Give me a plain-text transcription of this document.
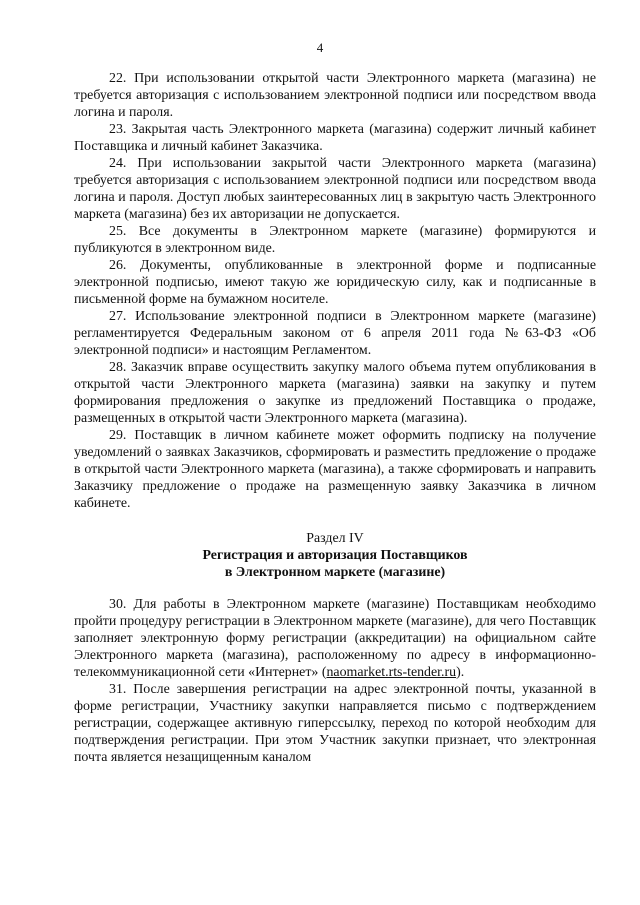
4

22. При использовании открытой части Электронного маркета (магазина) не требуется авторизация с использованием электронной подписи или посредством ввода логина и пароля.

23. Закрытая часть Электронного маркета (магазина) содержит личный кабинет Поставщика и личный кабинет Заказчика.

24. При использовании закрытой части Электронного маркета (магазина) требуется авторизация с использованием электронной подписи или посредством ввода логина и пароля. Доступ любых заинтересованных лиц в закрытую часть Электронного маркета (магазина) без их авторизации не допускается.

25. Все документы в Электронном маркете (магазине) формируются и публикуются в электронном виде.

26. Документы, опубликованные в электронной форме и подписанные электронной подписью, имеют такую же юридическую силу, как и подписанные в письменной форме на бумажном носителе.

27. Использование электронной подписи в Электронном маркете (магазине) регламентируется Федеральным законом от 6 апреля 2011 года №63-ФЗ «Об электронной подписи» и настоящим Регламентом.

28. Заказчик вправе осуществить закупку малого объема путем опубликования в открытой части Электронного маркета (магазина) заявки на закупку и путем формирования предложения о закупке из предложений Поставщика о продаже, размещенных в открытой части Электронного маркета (магазина).

29. Поставщик в личном кабинете может оформить подписку на получение уведомлений о заявках Заказчиков, сформировать и разместить предложение о продаже в открытой части Электронного маркета (магазина), а также сформировать и направить Заказчику предложение о продаже на размещенную заявку Заказчика в личном кабинете.

Раздел IV
Регистрация и авторизация Поставщиков
в Электронном маркете (магазине)

30. Для работы в Электронном маркете (магазине) Поставщикам необходимо пройти процедуру регистрации в Электронном маркете (магазине), для чего Поставщик заполняет электронную форму регистрации (аккредитации) на официальном сайте Электронного маркета (магазина), расположенному по адресу в информационно-телекоммуникационной сети «Интернет» (naomarket.rts-tender.ru).

31. После завершения регистрации на адрес электронной почты, указанной в форме регистрации, Участнику закупки направляется письмо с подтверждением регистрации, содержащее активную гиперссылку, переход по которой необходим для подтверждения регистрации. При этом Участник закупки признает, что электронная почта является незащищенным каналом
